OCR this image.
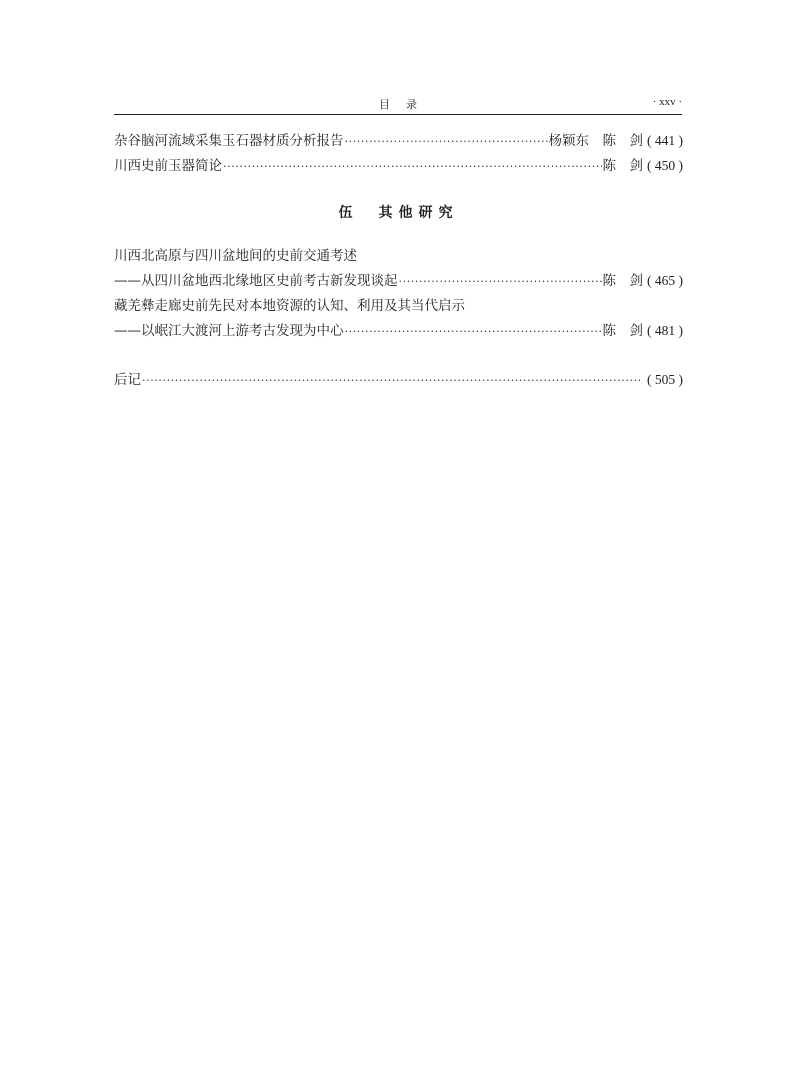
目录	· xxv ·
杂谷脑河流域采集玉石器材质分析报告 ·····	杨颖东　陈　剑 ( 441 )
川西史前玉器简论 ·····	陈　剑 ( 450 )
伍　其他研究
川西北高原与四川盆地间的史前交通考述
——从四川盆地西北缘地区史前考古新发现谈起 ·····	陈　剑 ( 465 )
藏羌彝走廊史前先民对本地资源的认知、利用及其当代启示
——以岷江大渡河上游考古发现为中心 ·····	陈　剑 ( 481 )
后记 ·····	( 505 )
